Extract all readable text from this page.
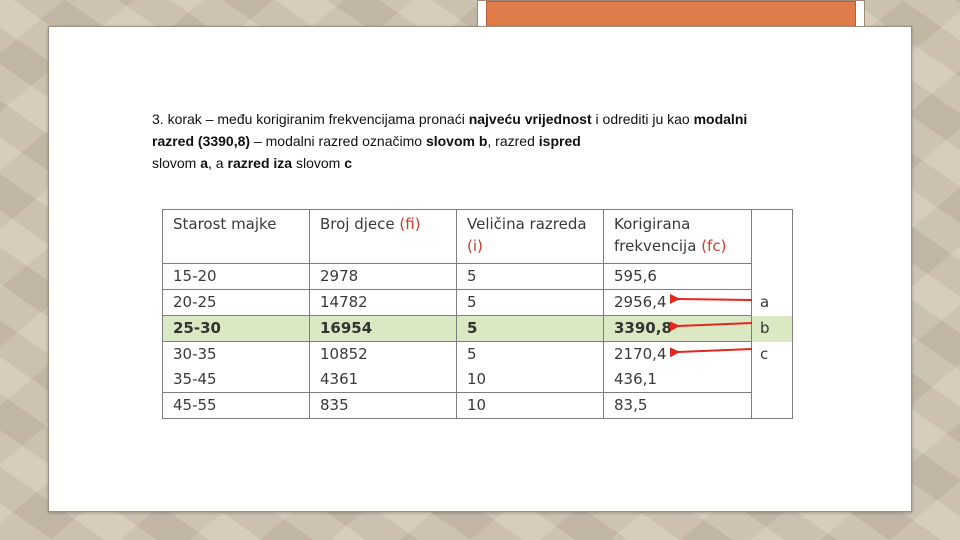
3. korak – među korigiranim frekvencijama pronaći najveću vrijednost i odrediti ju kao modalni razred (3390,8) – modalni razred označimo slovom b, razred ispred
slovom a, a razred iza slovom c
Starost majke	Broj djece (fi)	Veličina razreda (i)	Korigirana frekvencija (fc)	
15-20	2978	5	595,6	
20-25	14782	5	2956,4	a
25-30	16954	5	3390,8	b
30-35	10852	5	2170,4	c
35-45	4361	10	436,1	
45-55	835	10	83,5	
